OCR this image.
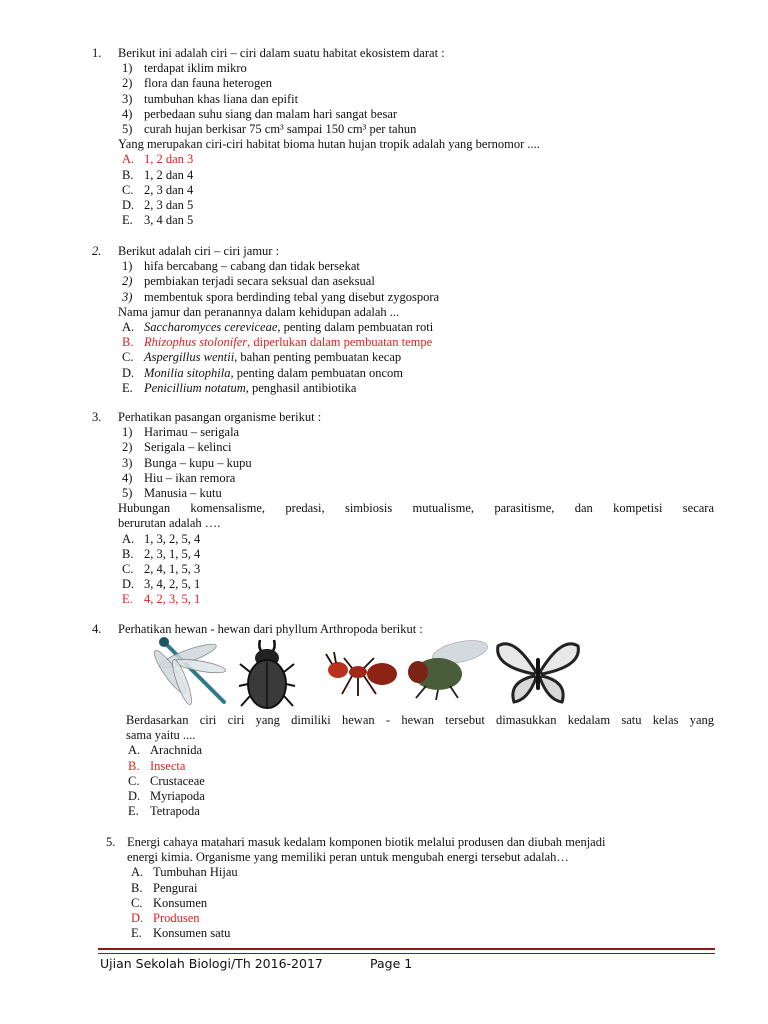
1. Berikut ini adalah ciri – ciri dalam suatu habitat ekosistem darat :
1) terdapat iklim mikro
2) flora dan fauna heterogen
3) tumbuhan khas liana dan epifit
4) perbedaan suhu siang dan malam hari sangat besar
5) curah hujan berkisar 75 cm³ sampai 150 cm³ per tahun
Yang merupakan ciri-ciri habitat bioma hutan hujan tropik adalah yang bernomor ....
A. 1, 2 dan 3
B. 1, 2 dan 4
C. 2, 3 dan 4
D. 2, 3 dan 5
E. 3, 4 dan 5
2. Berikut adalah ciri – ciri jamur :
1) hifa bercabang – cabang dan tidak bersekat
2) pembiakan terjadi secara seksual dan aseksual
3) membentuk spora berdinding tebal yang disebut zygospora
Nama jamur dan peranannya dalam kehidupan adalah ...
A. Saccharomyces cereviceae, penting dalam pembuatan roti
B. Rhizophus stolonifer, diperlukan dalam pembuatan tempe
C. Aspergillus wentii, bahan penting pembuatan kecap
D. Monilia sitophila, penting dalam pembuatan oncom
E. Penicillium notatum, penghasil antibiotika
3. Perhatikan pasangan organisme berikut :
1) Harimau – serigala
2) Serigala – kelinci
3) Bunga – kupu – kupu
4) Hiu – ikan remora
5) Manusia – kutu
Hubungan komensalisme, predasi, simbiosis mutualisme, parasitisme, dan kompetisi secara
berurutan adalah ….
A. 1, 3, 2, 5, 4
B. 2, 3, 1, 5, 4
C. 2, 4, 1, 5, 3
D. 3, 4, 2, 5, 1
E. 4, 2, 3, 5, 1
4. Perhatikan hewan - hewan dari phyllum Arthropoda berikut :
Berdasarkan ciri ciri yang dimiliki hewan - hewan tersebut dimasukkan kedalam satu kelas yang
sama yaitu ....
A. Arachnida
B. Insecta
C. Crustaceae
D. Myriapoda
E. Tetrapoda
5. Energi cahaya matahari masuk kedalam komponen biotik melalui produsen dan diubah menjadi
energi kimia. Organisme yang memiliki peran untuk mengubah energi tersebut adalah…
A. Tumbuhan Hijau
B. Pengurai
C. Konsumen
D. Produsen
E. Konsumen satu
Ujian Sekolah Biologi/Th 2016-2017	Page 1
